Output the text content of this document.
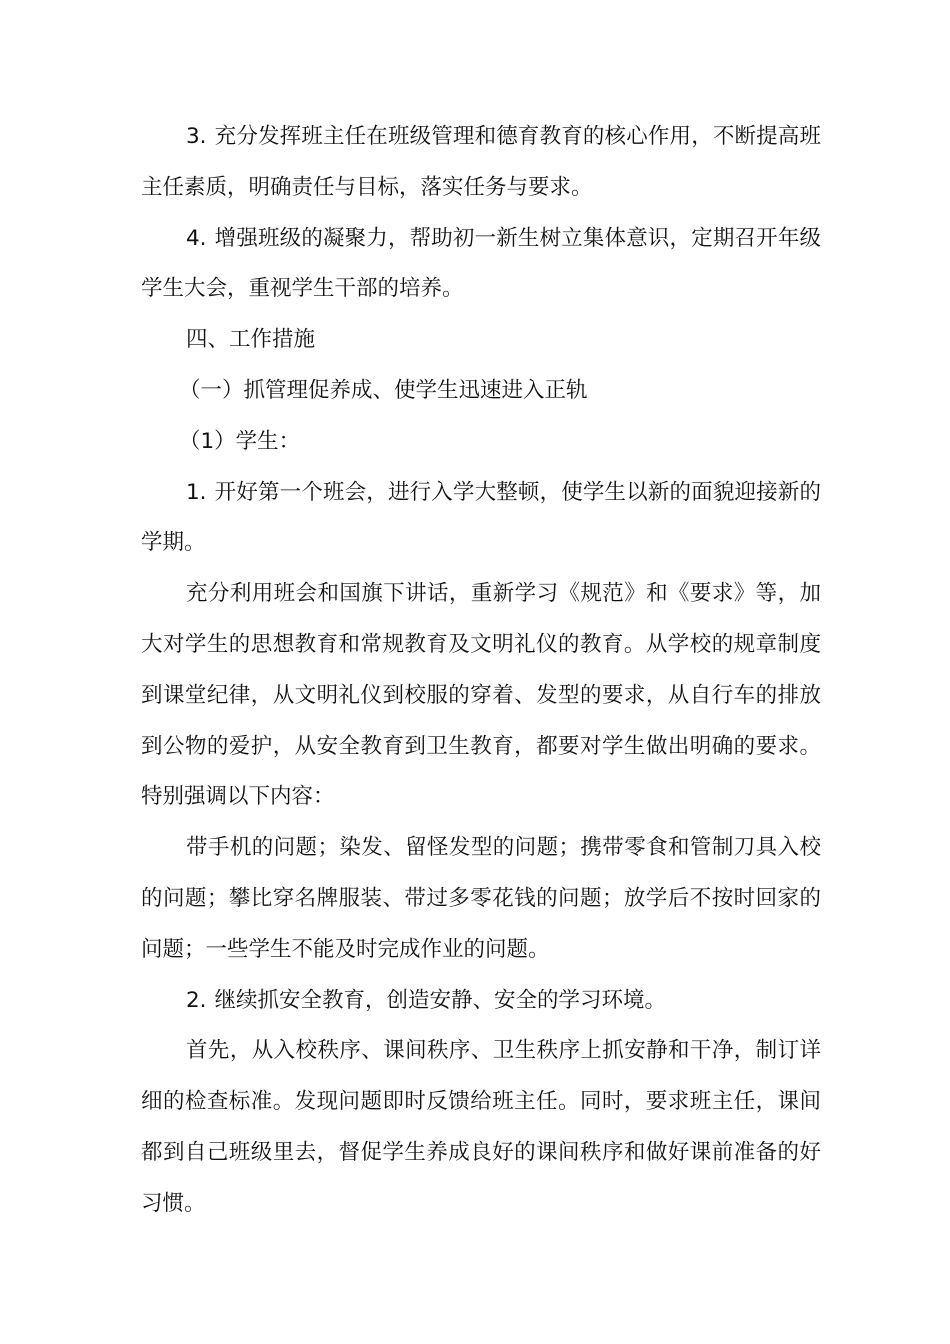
3. 充分发挥班主任在班级管理和德育教育的核心作用，不断提高班主任素质，明确责任与目标，落实任务与要求。

4. 增强班级的凝聚力，帮助初一新生树立集体意识，定期召开年级学生大会，重视学生干部的培养。

四、工作措施

（一）抓管理促养成、使学生迅速进入正轨

（1）学生：

1. 开好第一个班会，进行入学大整顿，使学生以新的面貌迎接新的学期。

充分利用班会和国旗下讲话，重新学习《规范》和《要求》等，加大对学生的思想教育和常规教育及文明礼仪的教育。从学校的规章制度到课堂纪律，从文明礼仪到校服的穿着、发型的要求，从自行车的排放到公物的爱护，从安全教育到卫生教育，都要对学生做出明确的要求。特别强调以下内容：

带手机的问题；染发、留怪发型的问题；携带零食和管制刀具入校的问题；攀比穿名牌服装、带过多零花钱的问题；放学后不按时回家的问题；一些学生不能及时完成作业的问题。

2. 继续抓安全教育，创造安静、安全的学习环境。

首先，从入校秩序、课间秩序、卫生秩序上抓安静和干净，制订详细的检查标准。发现问题即时反馈给班主任。同时，要求班主任，课间都到自己班级里去，督促学生养成良好的课间秩序和做好课前准备的好习惯。
